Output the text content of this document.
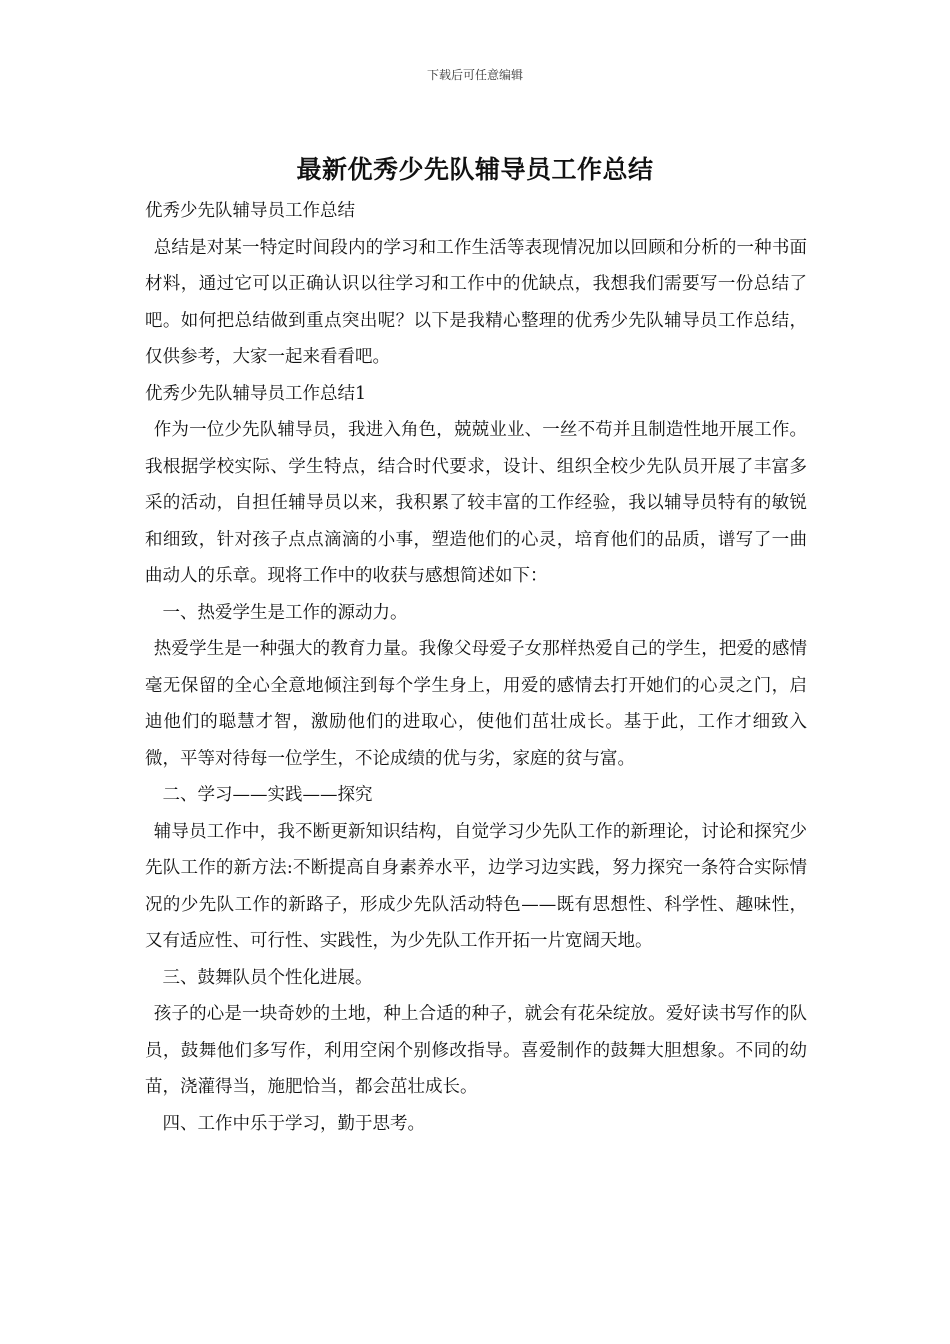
下载后可任意编辑
最新优秀少先队辅导员工作总结

优秀少先队辅导员工作总结

总结是对某一特定时间段内的学习和工作生活等表现情况加以回顾和分析的一种书面材料，通过它可以正确认识以往学习和工作中的优缺点，我想我们需要写一份总结了吧。如何把总结做到重点突出呢？以下是我精心整理的优秀少先队辅导员工作总结，仅供参考，大家一起来看看吧。

优秀少先队辅导员工作总结1

作为一位少先队辅导员，我进入角色，兢兢业业、一丝不苟并且制造性地开展工作。我根据学校实际、学生特点，结合时代要求，设计、组织全校少先队员开展了丰富多采的活动，自担任辅导员以来，我积累了较丰富的工作经验，我以辅导员特有的敏锐和细致，针对孩子点点滴滴的小事，塑造他们的心灵，培育他们的品质，谱写了一曲曲动人的乐章。现将工作中的收获与感想简述如下：

一、热爱学生是工作的源动力。

热爱学生是一种强大的教育力量。我像父母爱子女那样热爱自己的学生，把爱的感情毫无保留的全心全意地倾注到每个学生身上，用爱的感情去打开她们的心灵之门，启迪他们的聪慧才智，激励他们的进取心，使他们茁壮成长。基于此，工作才细致入微，平等对待每一位学生，不论成绩的优与劣，家庭的贫与富。

二、学习——实践——探究

辅导员工作中，我不断更新知识结构，自觉学习少先队工作的新理论，讨论和探究少先队工作的新方法:不断提高自身素养水平，边学习边实践，努力探究一条符合实际情况的少先队工作的新路子，形成少先队活动特色——既有思想性、科学性、趣味性，又有适应性、可行性、实践性，为少先队工作开拓一片宽阔天地。

三、鼓舞队员个性化进展。

孩子的心是一块奇妙的土地，种上合适的种子，就会有花朵绽放。爱好读书写作的队员，鼓舞他们多写作，利用空闲个别修改指导。喜爱制作的鼓舞大胆想象。不同的幼苗，浇灌得当，施肥恰当，都会茁壮成长。

四、工作中乐于学习，勤于思考。
